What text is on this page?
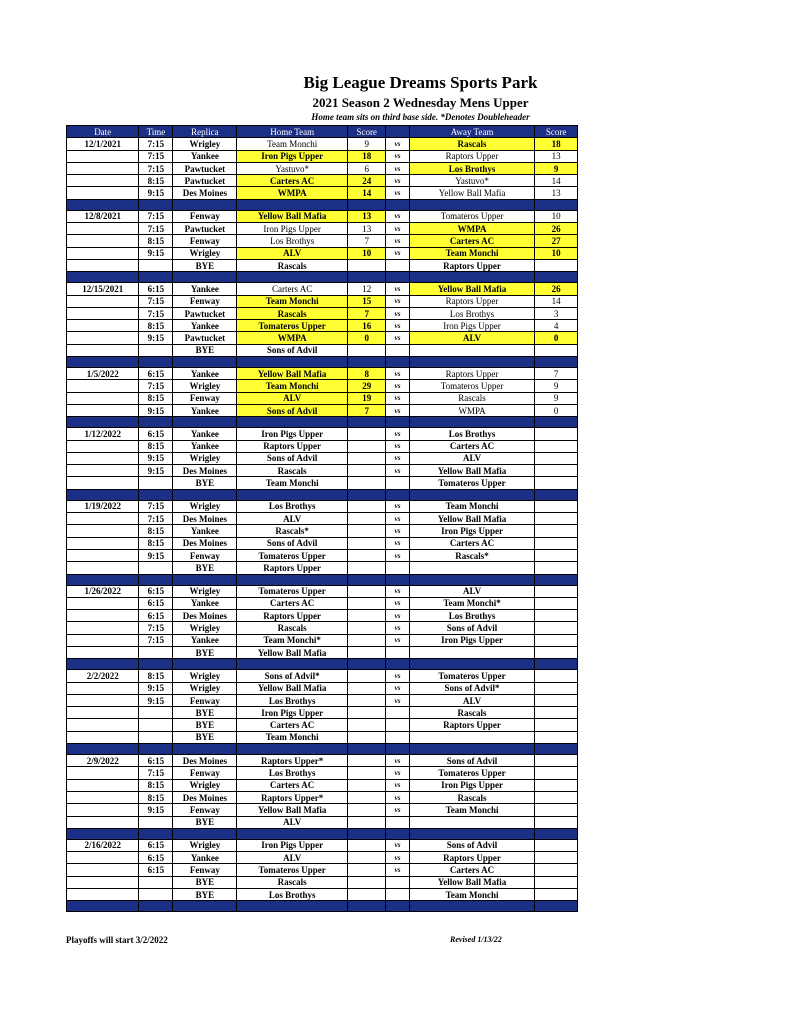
Big League Dreams Sports Park
2021 Season 2 Wednesday Mens Upper
Home team sits on third base side. *Denotes Doubleheader
Date	Time	Replica	Home Team	Score		Away Team	Score
12/1/2021	7:15	Wrigley	Team Monchi	9	vs	Rascals	18
	7:15	Yankee	Iron Pigs Upper	18	vs	Raptors Upper	13
	7:15	Pawtucket	Yastuvo*	6	vs	Los Brothys	9
	8:15	Pawtucket	Carters AC	24	vs	Yastuvo*	14
	9:15	Des Moines	WMPA	14	vs	Yellow Ball Mafia	13

12/8/2021	7:15	Fenway	Yellow Ball Mafia	13	vs	Tomateros Upper	10
	7:15	Pawtucket	Iron Pigs Upper	13	vs	WMPA	26
	8:15	Fenway	Los Brothys	7	vs	Carters AC	27
	9:15	Wrigley	ALV	10	vs	Team Monchi	10
		BYE	Rascals			Raptors Upper	

12/15/2021	6:15	Yankee	Carters AC	12	vs	Yellow Ball Mafia	26
	7:15	Fenway	Team Monchi	15	vs	Raptors Upper	14
	7:15	Pawtucket	Rascals	7	vs	Los Brothys	3
	8:15	Yankee	Tomateros Upper	16	vs	Iron Pigs Upper	4
	9:15	Pawtucket	WMPA	0	vs	ALV	0
		BYE	Sons of Advil				

1/5/2022	6:15	Yankee	Yellow Ball Mafia	8	vs	Raptors Upper	7
	7:15	Wrigley	Team Monchi	29	vs	Tomateros Upper	9
	8:15	Fenway	ALV	19	vs	Rascals	9
	9:15	Yankee	Sons of Advil	7	vs	WMPA	0

1/12/2022	6:15	Yankee	Iron Pigs Upper		vs	Los Brothys	
	8:15	Yankee	Raptors Upper		vs	Carters AC	
	9:15	Wrigley	Sons of Advil		vs	ALV	
	9:15	Des Moines	Rascals		vs	Yellow Ball Mafia	
		BYE	Team Monchi			Tomateros Upper	

1/19/2022	7:15	Wrigley	Los Brothys		vs	Team Monchi	
	7:15	Des Moines	ALV		vs	Yellow Ball Mafia	
	8:15	Yankee	Rascals*		vs	Iron Pigs Upper	
	8:15	Des Moines	Sons of Advil		vs	Carters AC	
	9:15	Fenway	Tomateros Upper		vs	Rascals*	
		BYE	Raptors Upper				

1/26/2022	6:15	Wrigley	Tomateros Upper		vs	ALV	
	6:15	Yankee	Carters AC		vs	Team Monchi*	
	6:15	Des Moines	Raptors Upper		vs	Los Brothys	
	7:15	Wrigley	Rascals		vs	Sons of Advil	
	7:15	Yankee	Team Monchi*		vs	Iron Pigs Upper	
		BYE	Yellow Ball Mafia				

2/2/2022	8:15	Wrigley	Sons of Advil*		vs	Tomateros Upper	
	9:15	Wrigley	Yellow Ball Mafia		vs	Sons of Advil*	
	9:15	Fenway	Los Brothys		vs	ALV	
		BYE	Iron Pigs Upper			Rascals	
		BYE	Carters AC			Raptors Upper	
		BYE	Team Monchi				

2/9/2022	6:15	Des Moines	Raptors Upper*		vs	Sons of Advil	
	7:15	Fenway	Los Brothys		vs	Tomateros Upper	
	8:15	Wrigley	Carters AC		vs	Iron Pigs Upper	
	8:15	Des Moines	Raptors Upper*		vs	Rascals	
	9:15	Fenway	Yellow Ball Mafia		vs	Team Monchi	
		BYE	ALV				

2/16/2022	6:15	Wrigley	Iron Pigs Upper		vs	Sons of Advil	
	6:15	Yankee	ALV		vs	Raptors Upper	
	6:15	Fenway	Tomateros Upper		vs	Carters AC	
		BYE	Rascals			Yellow Ball Mafia	
		BYE	Los Brothys			Team Monchi	

Playoffs will start 3/2/2022	Revised 1/13/22
